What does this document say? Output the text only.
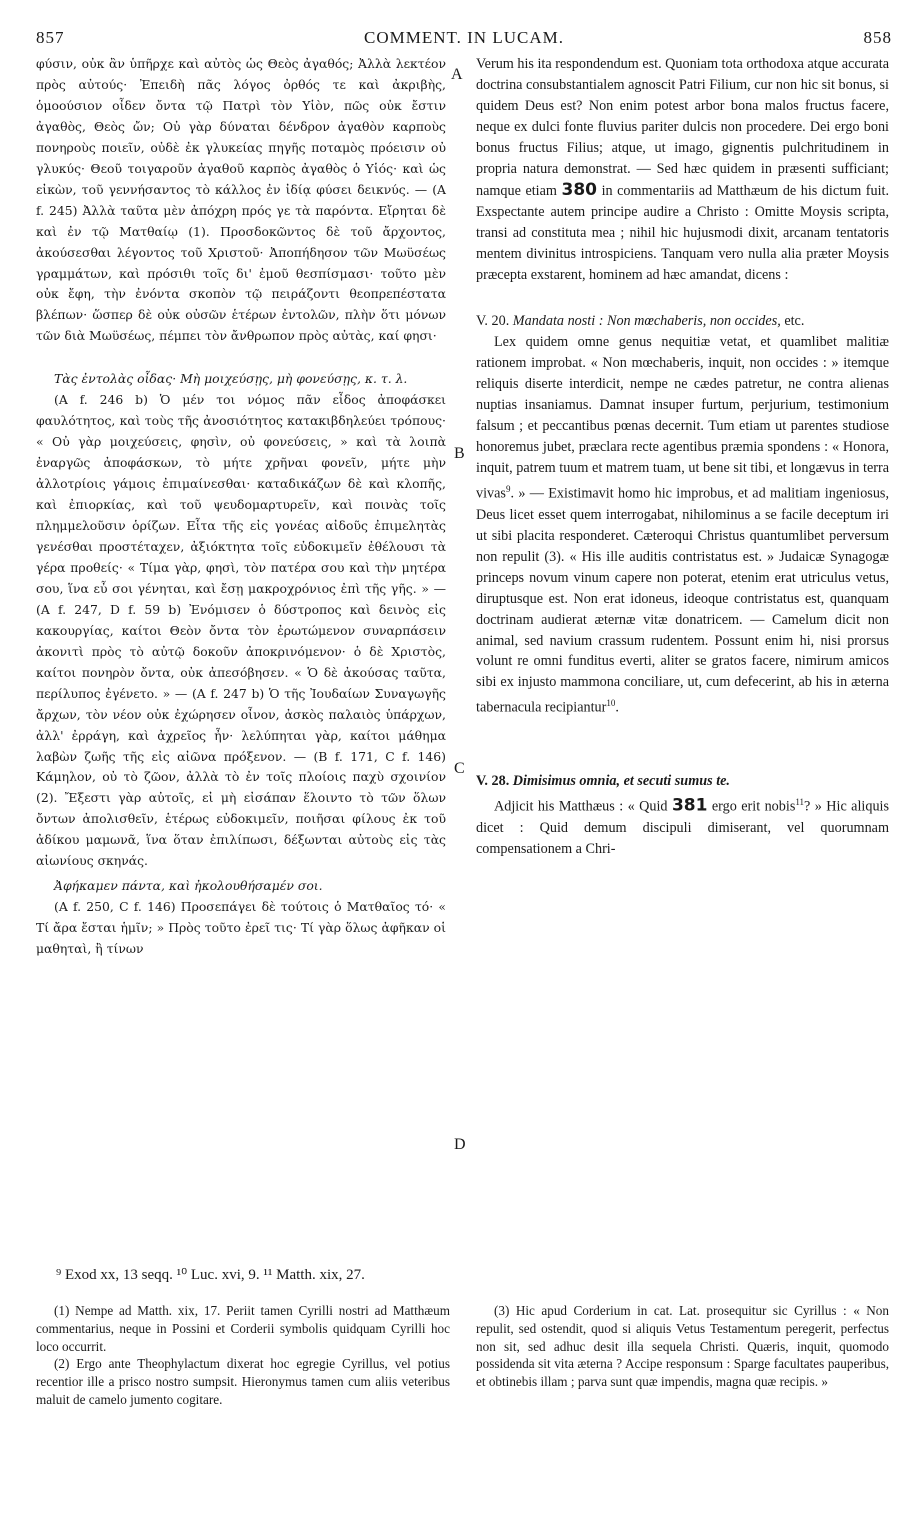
857	COMMENT. IN LUCAM.	858
A
B
C
D

φύσιν, οὐκ ἂν ὑπῆρχε καὶ αὐτὸς ὡς Θεὸς ἀγαθός; Ἀλλὰ λεκτέον πρὸς αὐτούς· Ἐπειδὴ πᾶς λόγος ὀρθός τε καὶ ἀκριβὴς, ὁμοούσιον οἶδεν ὄντα τῷ Πατρὶ τὸν Υἱὸν, πῶς οὐκ ἔστιν ἀγαθὸς, Θεὸς ὤν; Οὐ γὰρ δύναται δένδρον ἀγαθὸν καρποὺς πονηροὺς ποιεῖν, οὐδὲ ἐκ γλυκείας πηγῆς ποταμὸς πρόεισιν οὐ γλυκύς· Θεοῦ τοιγαροῦν ἀγαθοῦ καρπὸς ἀγαθὸς ὁ Υἱός· καὶ ὡς εἰκὼν, τοῦ γεννήσαντος τὸ κάλλος ἐν ἰδίᾳ φύσει δεικνύς. — (A f. 245) Ἀλλὰ ταῦτα μὲν ἀπόχρη πρός γε τὰ παρόντα. Εἴρηται δὲ καὶ ἐν τῷ Ματθαίῳ (1). Προσδοκῶντος δὲ τοῦ ἄρχοντος, ἀκούσεσθαι λέγοντος τοῦ Χριστοῦ· Ἀποπήδησον τῶν Μωϋσέως γραμμάτων, καὶ πρόσιθι τοῖς δι' ἐμοῦ θεσπίσμασι· τοῦτο μὲν οὐκ ἔφη, τὴν ἐνόντα σκοπὸν τῷ πειράζοντι θεοπρεπέστατα βλέπων· ὥσπερ δὲ οὐκ οὐσῶν ἑτέρων ἐντολῶν, πλὴν ὅτι μόνων τῶν διὰ Μωϋσέως, πέμπει τὸν ἄνθρωπον πρὸς αὐτὰς, καί φησι·

Τὰς ἐντολὰς οἶδας· Μὴ μοιχεύσῃς, μὴ φονεύσῃς, κ. τ. λ.

(A f. 246 b) Ὁ μέν τοι νόμος πᾶν εἶδος ἀποφάσκει φαυλότητος, καὶ τοὺς τῆς ἀνοσιότητος κατακιβδηλεύει τρόπους· « Οὐ γὰρ μοιχεύσεις, φησὶν, οὐ φονεύσεις, » καὶ τὰ λοιπὰ ἐναργῶς ἀποφάσκων, τὸ μήτε χρῆναι φονεῖν, μήτε μὴν ἀλλοτρίοις γάμοις ἐπιμαίνεσθαι· καταδικάζων δὲ καὶ κλοπῆς, καὶ ἐπιορκίας, καὶ τοῦ ψευδομαρτυρεῖν, καὶ ποινὰς τοῖς πλημμελοῦσιν ὁρίζων. Εἶτα τῆς εἰς γονέας αἰδοῦς ἐπιμελητὰς γενέσθαι προστέταχεν, ἀξιόκτητα τοῖς εὐδοκιμεῖν ἐθέλουσι τὰ γέρα προθείς· « Τίμα γὰρ, φησὶ, τὸν πατέρα σου καὶ τὴν μητέρα σου, ἵνα εὖ σοι γένηται, καὶ ἔσῃ μακροχρόνιος ἐπὶ τῆς γῆς. » — (A f. 247, D f. 59 b) Ἐνόμισεν ὁ δύστροπος καὶ δεινὸς εἰς κακουργίας, καίτοι Θεὸν ὄντα τὸν ἐρωτώμενον συναρπάσειν ἀκονιτὶ πρὸς τὸ αὐτῷ δοκοῦν ἀποκρινόμενον· ὁ δὲ Χριστὸς, καίτοι πονηρὸν ὄντα, οὐκ ἀπεσόβησεν. « Ὁ δὲ ἀκούσας ταῦτα, περίλυπος ἐγένετο. » — (A f. 247 b) Ὁ τῆς Ἰουδαίων Συναγωγῆς ἄρχων, τὸν νέον οὐκ ἐχώρησεν οἶνον, ἀσκὸς παλαιὸς ὑπάρχων, ἀλλ' ἐρράγη, καὶ ἀχρεῖος ἦν· λελύπηται γὰρ, καίτοι μάθημα λαβὼν ζωῆς τῆς εἰς αἰῶνα πρόξενον. — (B f. 171, C f. 146) Κάμηλον, οὐ τὸ ζῶον, ἀλλὰ τὸ ἐν τοῖς πλοίοις παχὺ σχοινίον (2). Ἔξεστι γὰρ αὐτοῖς, εἰ μὴ εἰσάπαν ἕλοιντο τὸ τῶν ὅλων ὄντων ἀπολισθεῖν, ἑτέρως εὐδοκιμεῖν, ποιῆσαι φίλους ἐκ τοῦ ἀδίκου μαμωνᾶ, ἵνα ὅταν ἐπιλίπωσι, δέξωνται αὐτοὺς εἰς τὰς αἰωνίους σκηνάς.

Ἀφήκαμεν πάντα, καὶ ἠκολουθήσαμέν σοι.

(A f. 250, C f. 146) Προσεπάγει δὲ τούτοις ὁ Ματθαῖος τό· « Τί ἄρα ἔσται ἡμῖν; » Πρὸς τοῦτο ἐρεῖ τις· Τί γὰρ ὅλως ἀφῆκαν οἱ μαθηταὶ, ἢ τίνων

Verum his ita respondendum est. Quoniam tota orthodoxa atque accurata doctrina consubstantialem agnoscit Patri Filium, cur non hic sit bonus, si quidem Deus est? Non enim potest arbor bona malos fructus facere, neque ex dulci fonte fluvius pariter dulcis non procedere. Dei ergo boni bonus fructus Filius; atque, ut imago, gignentis pulchritudinem in propria natura demonstrat. — Sed hæc quidem in præsenti sufficiant; namque etiam 380 in commentariis ad Matthæum de his dictum fuit. Exspectante autem principe audire a Christo : Omitte Moysis scripta, transi ad constituta mea ; nihil hic hujusmodi dixit, arcanam tentatoris mentem divinitus introspiciens. Tanquam vero nulla alia præter Moysis præcepta exstarent, hominem ad hæc amandat, dicens :

V. 20. Mandata nosti : Non mœchaberis, non occides, etc.

Lex quidem omne genus nequitiæ vetat, et quamlibet malitiæ rationem improbat. « Non mœchaberis, inquit, non occides : » itemque reliquis diserte interdicit, nempe ne cædes patretur, ne contra alienas nuptias insaniamus. Damnat insuper furtum, perjurium, testimonium falsum ; et peccantibus pœnas decernit. Tum etiam ut parentes studiose honoremus jubet, præclara recte agentibus præmia spondens : « Honora, inquit, patrem tuum et matrem tuam, ut bene sit tibi, et longævus in terra vivas$^9$. » — Existimavit homo hic improbus, et ad malitiam ingeniosus, Deus licet esset quem interrogabat, nihilominus a se facile deceptum iri ut sibi placita responderet. Cæteroqui Christus quantumlibet perversum non repulit (3). « His ille auditis contristatus est. » Judaicæ Synagogæ princeps novum vinum capere non poterat, etenim erat utriculus vetus, diruptusque est. Non erat idoneus, ideoque contristatus est, quanquam doctrinam audierat æternæ vitæ donatricem. — Camelum dicit non animal, sed navium crassum rudentem. Possunt enim hi, nisi prorsus volunt re omni funditus everti, aliter se gratos facere, nimirum amicos sibi ex injusto mammona conciliare, ut, cum defecerint, ab his in æterna tabernacula recipiantur$^{10}$.

V. 28. Dimisimus omnia, et secuti sumus te.

Adjicit his Matthæus : « Quid 381 ergo erit nobis$^{11}$? » Hic aliquis dicet : Quid demum discipuli dimiserant, vel quorumnam compensationem a Chri-

⁹ Exod xx, 13 seqq. ¹⁰ Luc. xvi, 9. ¹¹ Matth. xix, 27.

(1) Nempe ad Matth. xix, 17. Periit tamen Cyrilli nostri ad Matthæum commentarius, neque in Possini et Corderii symbolis quidquam Cyrilli hoc loco occurrit.

(2) Ergo ante Theophylactum dixerat hoc egregie Cyrillus, vel potius recentior ille a prisco nostro sumpsit. Hieronymus tamen cum aliis veteribus maluit de camelo jumento cogitare.

(3) Hic apud Corderium in cat. Lat. prosequitur sic Cyrillus : « Non repulit, sed ostendit, quod si aliquis Vetus Testamentum peregerit, perfectus non sit, sed adhuc desit illa sequela Christi. Quæris, inquit, quomodo possidenda sit vita æterna ? Accipe responsum : Sparge facultates pauperibus, et obtinebis illam ; parva sunt quæ impendis, magna quæ recipis. »
